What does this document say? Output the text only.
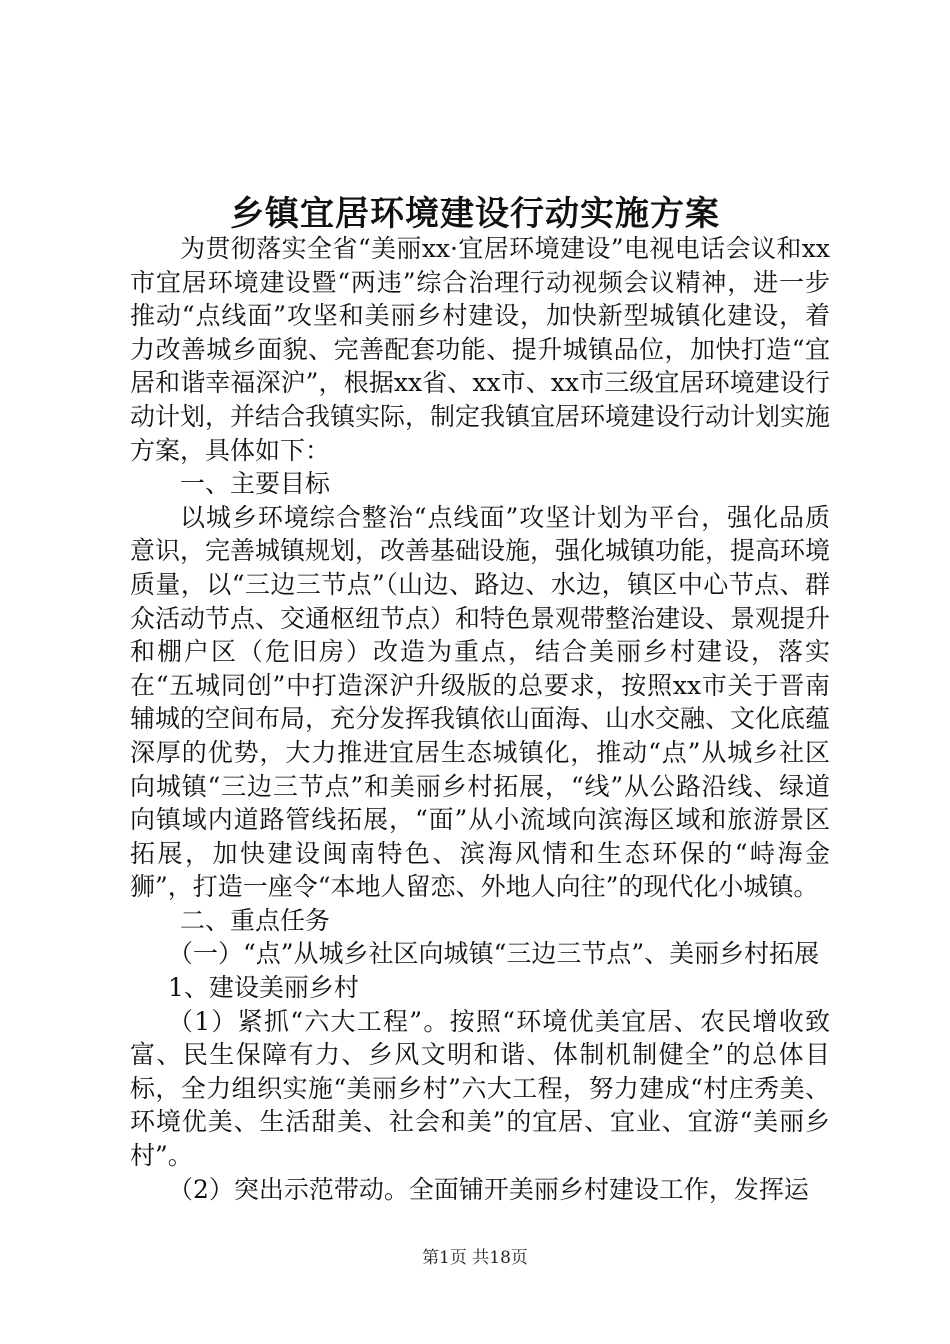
乡镇宜居环境建设行动实施方案

为贯彻落实全省“美丽xx·宜居环境建设”电视电话会议和xx市宜居环境建设暨“两违”综合治理行动视频会议精神，进一步推动“点线面”攻坚和美丽乡村建设，加快新型城镇化建设，着力改善城乡面貌、完善配套功能、提升城镇品位，加快打造“宜居和谐幸福深沪”，根据xx省、xx市、xx市三级宜居环境建设行动计划，并结合我镇实际，制定我镇宜居环境建设行动计划实施方案，具体如下：

一、主要目标

以城乡环境综合整治“点线面”攻坚计划为平台，强化品质意识，完善城镇规划，改善基础设施，强化城镇功能，提高环境质量，以“三边三节点”（山边、路边、水边，镇区中心节点、群众活动节点、交通枢纽节点）和特色景观带整治建设、景观提升和棚户区（危旧房）改造为重点，结合美丽乡村建设，落实在“五城同创”中打造深沪升级版的总要求，按照xx市关于晋南辅城的空间布局，充分发挥我镇依山面海、山水交融、文化底蕴深厚的优势，大力推进宜居生态城镇化，推动“点”从城乡社区向城镇“三边三节点”和美丽乡村拓展，“线”从公路沿线、绿道向镇域内道路管线拓展，“面”从小流域向滨海区域和旅游景区拓展，加快建设闽南特色、滨海风情和生态环保的“峙海金狮”，打造一座令“本地人留恋、外地人向往”的现代化小城镇。

二、重点任务

（一）“点”从城乡社区向城镇“三边三节点”、美丽乡村拓展

1、建设美丽乡村

（1）紧抓“六大工程”。按照“环境优美宜居、农民增收致富、民生保障有力、乡风文明和谐、体制机制健全”的总体目标，全力组织实施“美丽乡村”六大工程，努力建成“村庄秀美、环境优美、生活甜美、社会和美”的宜居、宜业、宜游“美丽乡村”。

（2）突出示范带动。全面铺开美丽乡村建设工作，发挥运

第1页 共18页
